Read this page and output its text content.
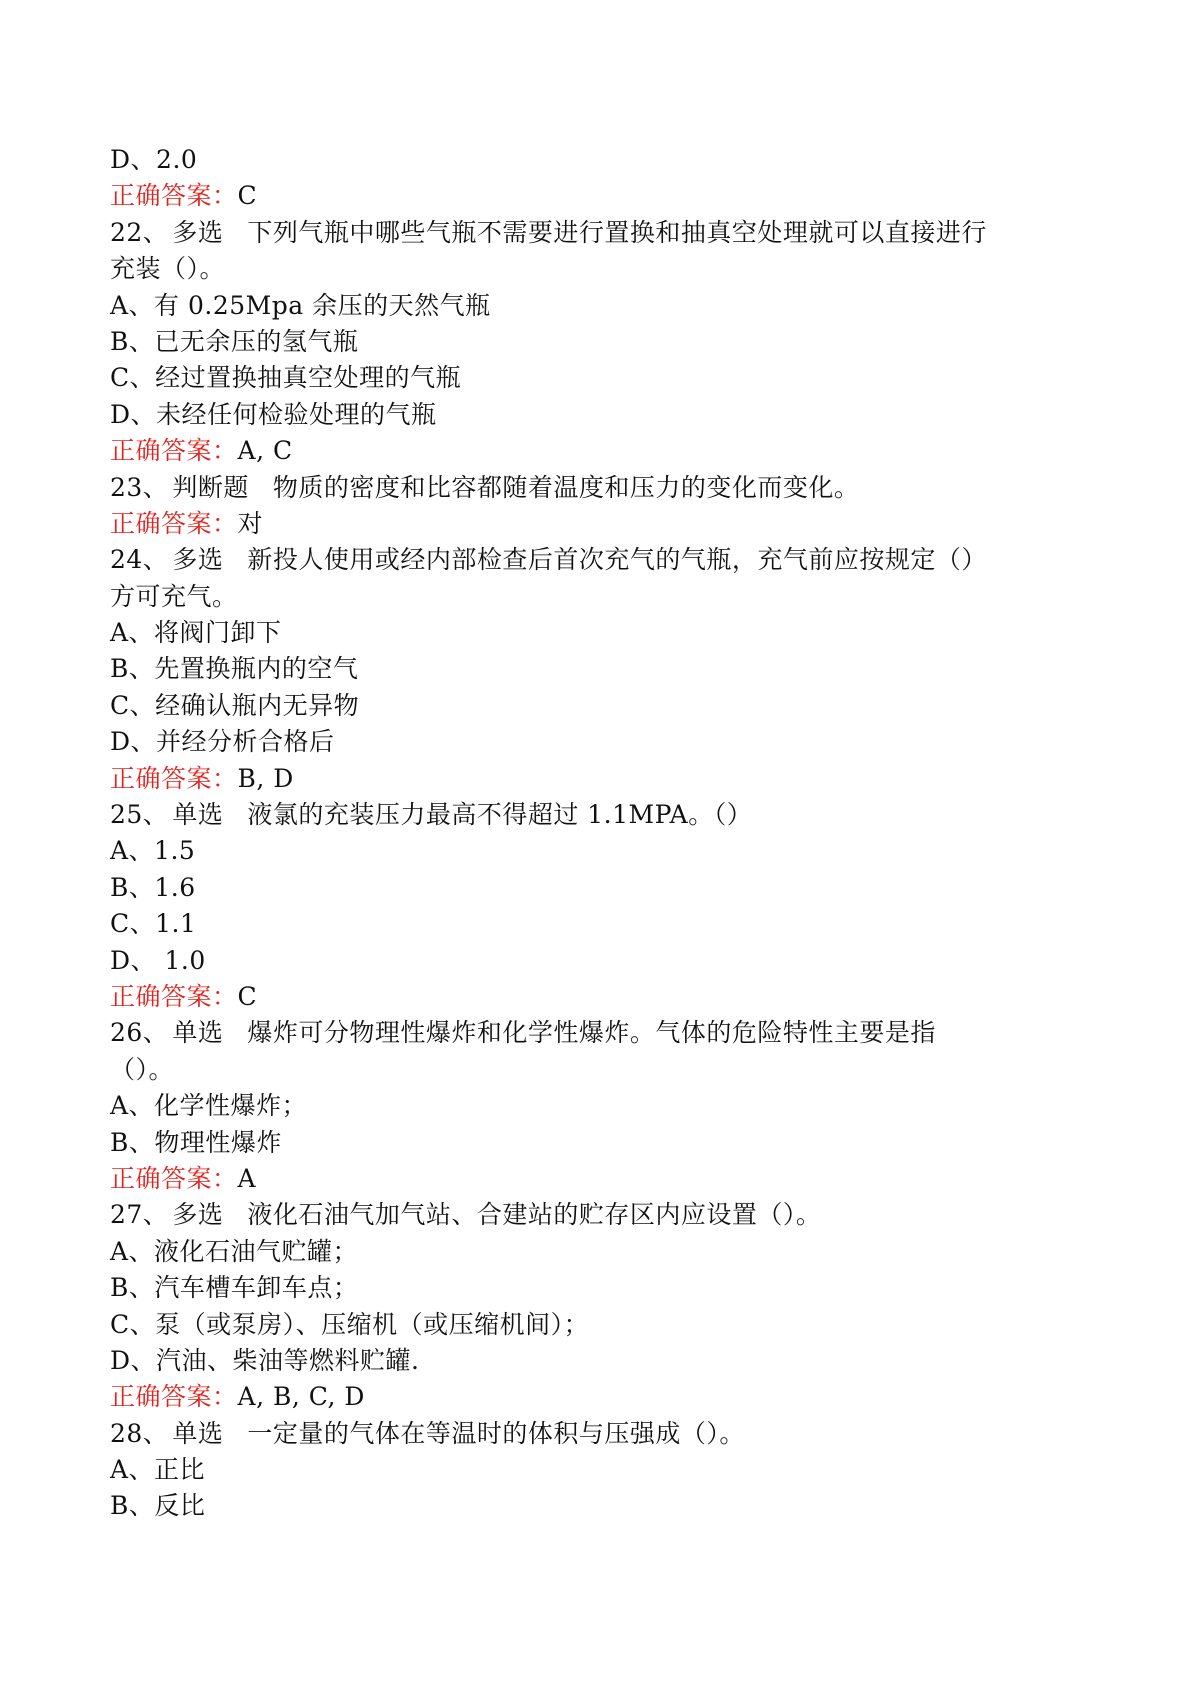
D、2.0
正确答案：C
22、 多选 下列气瓶中哪些气瓶不需要进行置换和抽真空处理就可以直接进行
充装（）。
A、有 0.25Mpa 余压的天然气瓶
B、已无余压的氢气瓶
C、经过置换抽真空处理的气瓶
D、未经任何检验处理的气瓶
正确答案：A, C
23、 判断题 物质的密度和比容都随着温度和压力的变化而变化。
正确答案：对
24、 多选 新投人使用或经内部检查后首次充气的气瓶，充气前应按规定（）
方可充气。
A、将阀门卸下
B、先置换瓶内的空气
C、经确认瓶内无异物
D、并经分析合格后
正确答案：B, D
25、 单选 液氯的充装压力最高不得超过 1.1MPA。（）
A、1.5
B、1.6
C、1.1
D、 1.0
正确答案：C
26、 单选 爆炸可分物理性爆炸和化学性爆炸。气体的危险特性主要是指
（）。
A、化学性爆炸；
B、物理性爆炸
正确答案：A
27、 多选 液化石油气加气站、合建站的贮存区内应设置（）。
A、液化石油气贮罐；
B、汽车槽车卸车点；
C、泵（或泵房）、压缩机（或压缩机间）；
D、汽油、柴油等燃料贮罐.
正确答案：A, B, C, D
28、 单选 一定量的气体在等温时的体积与压强成（）。
A、正比
B、反比
